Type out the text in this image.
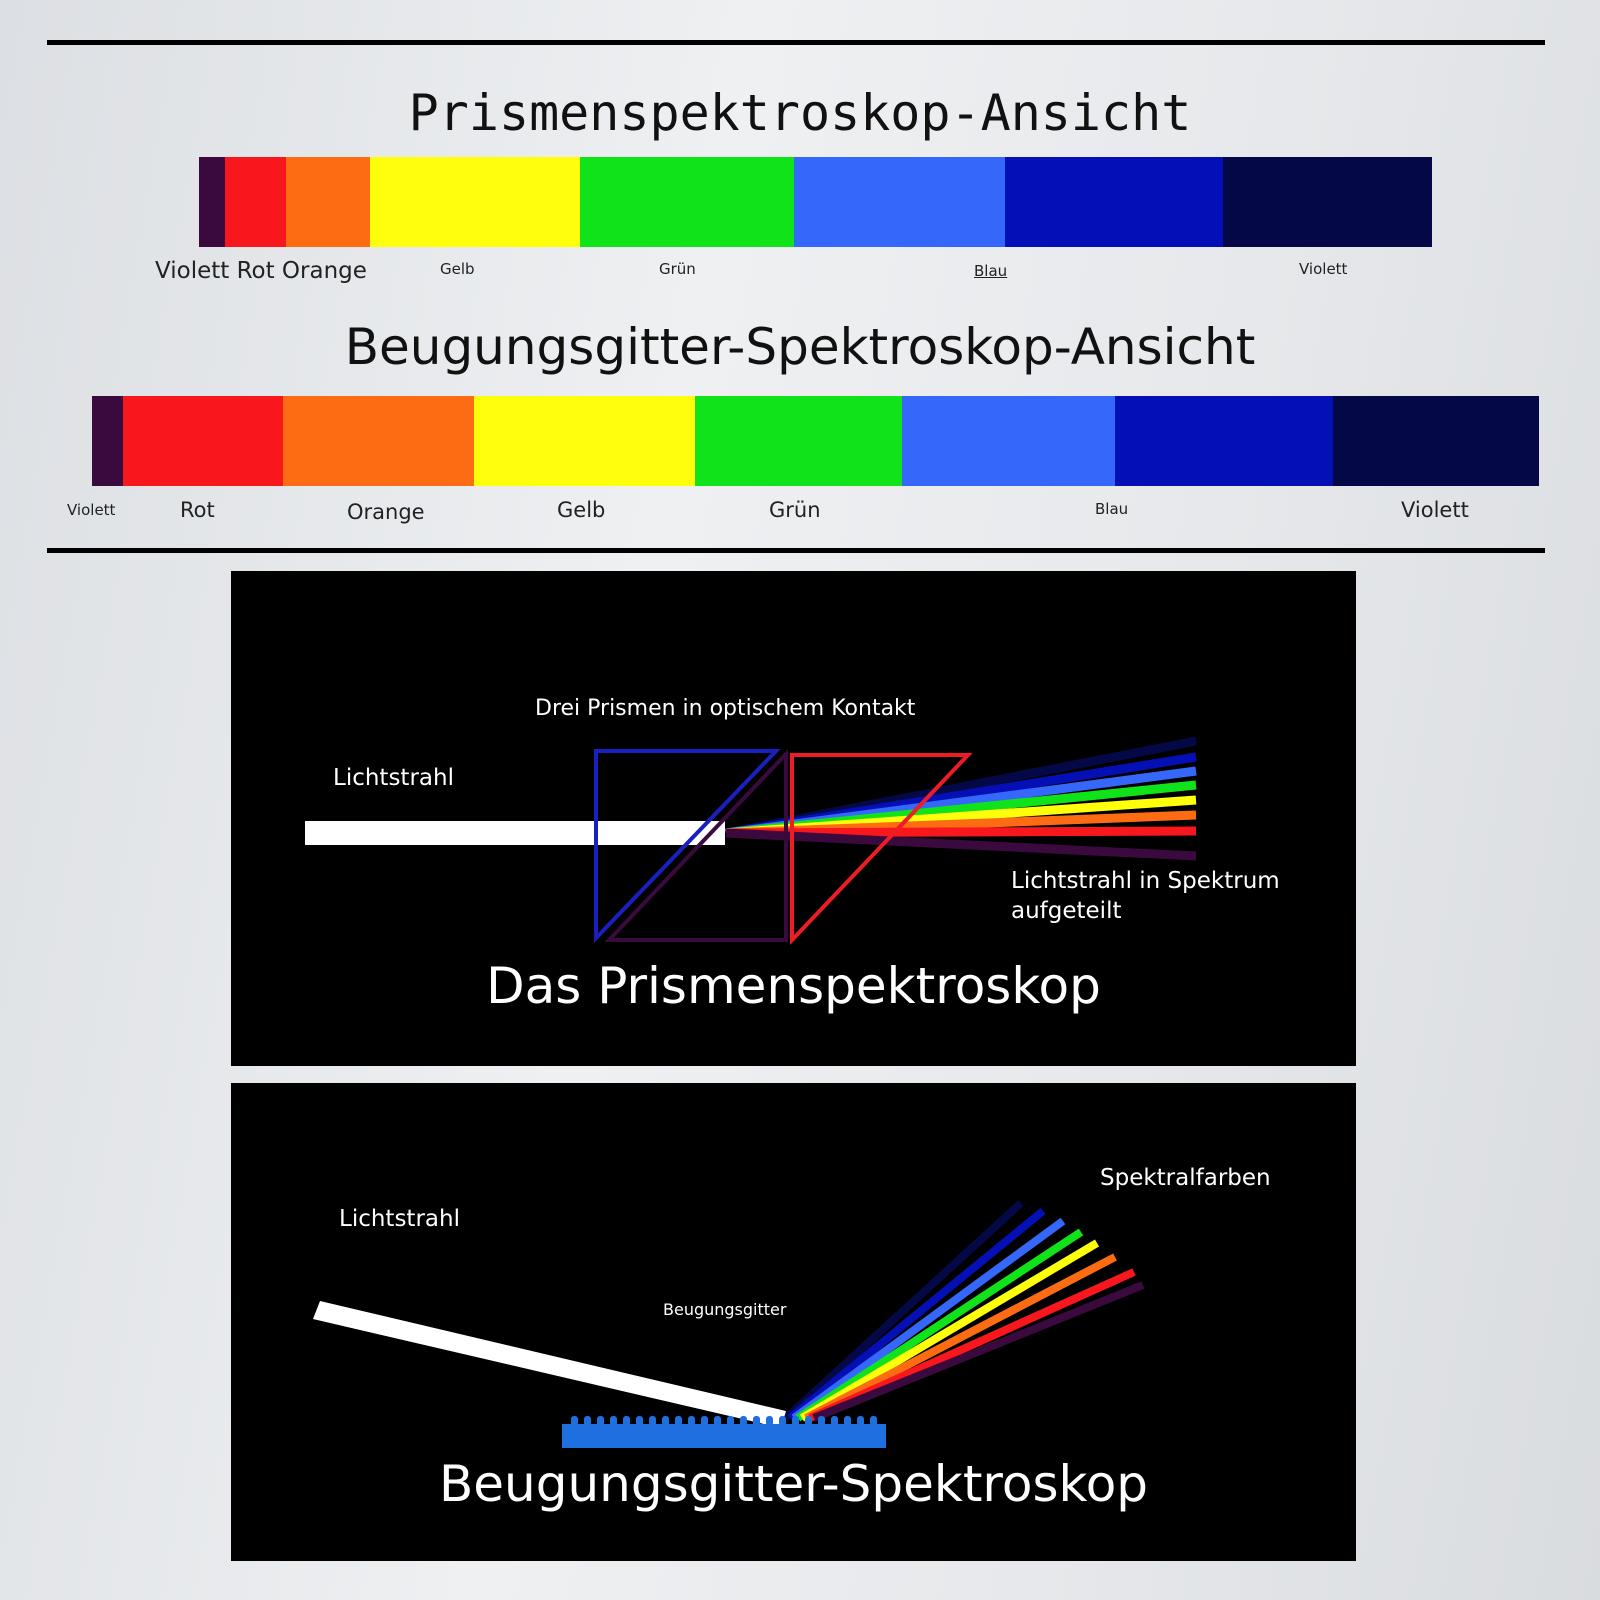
Prismenspektroskop-Ansicht
Violett Rot Orange	Gelb	Grün	Blau	Violett
Beugungsgitter-Spektroskop-Ansicht
Violett	Rot	Orange	Gelb	Grün	Blau	Violett
Drei Prismen in optischem Kontakt
Lichtstrahl
Lichtstrahl in Spektrum
aufgeteilt
Das Prismenspektroskop
Lichtstrahl
Beugungsgitter
Spektralfarben
Beugungsgitter-Spektroskop
